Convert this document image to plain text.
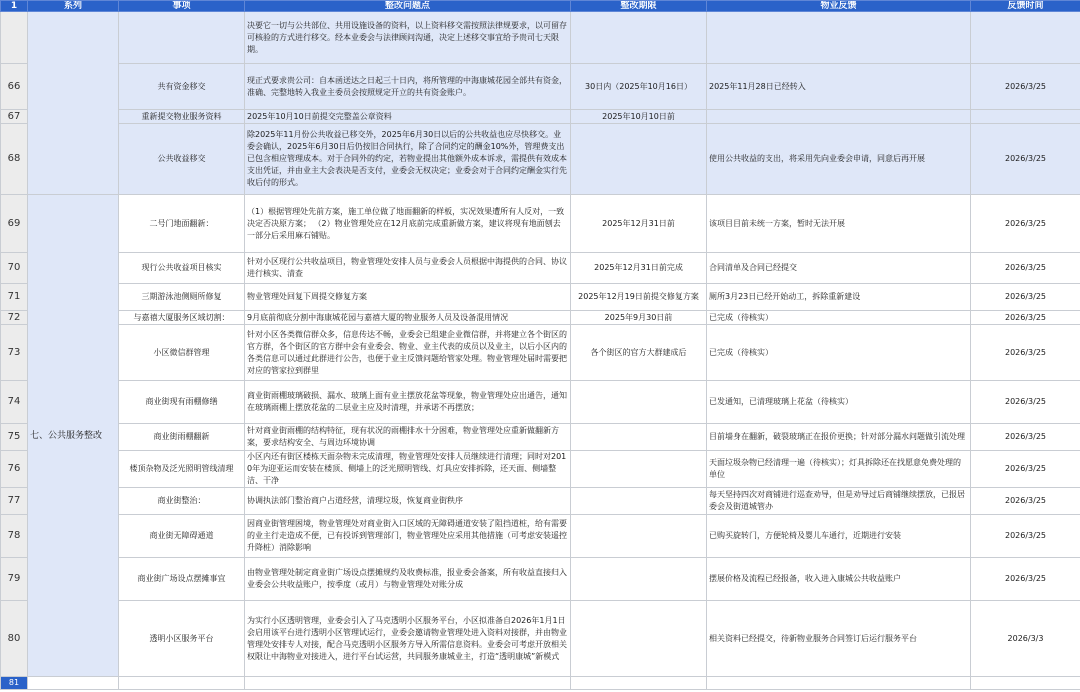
1	系列	事项	整改问题点	整改期限	物业反馈	反馈时间
			决要它一切与公共部位、共用设施设备的资料，以上资料移交需按照法律规要求，以可留存可核验的方式进行移交。经本业委会与法律顾问沟通，决定上述移交事宜给予贵司七天限期。			
66		共有资金移交	现正式要求贵公司：自本函送达之日起三十日内，将所管理的中海康城花园全部共有资金，准确、完整地转入我业主委员会按照规定开立的共有资金账户。	30日内（2025年10月16日）	2025年11月28日已经转入	2026/3/25
67		重新提交物业服务资料	2025年10月10日前提交完整盖公章资料	2025年10月10日前		
68		公共收益移交	除2025年11月份公共收益已移交外，2025年6月30日以后的公共收益也应尽快移交。业委会确认，2025年6月30日后仍按旧合同执行，除了合同约定的酬金10%外，管理费支出已包含相应管理成本。对于合同外的约定，若物业提出其他额外成本诉求，需提供有效成本支出凭证，并由业主大会表决是否支付，业委会无权决定；业委会对于合同约定酬金实行先收后付的形式。		使用公共收益的支出，将采用先向业委会申请，同意后再开展	2026/3/25
69	七、公共服务整改	二号门地面翻新：	（1）根据管理处先前方案，施工单位做了地面翻新的样板，实况效果遭所有人反对，一致决定否决原方案； （2）物业管理处应在12月底前完成重新做方案，建议将现有地面刨去一部分后采用麻石铺贴。	2025年12月31日前	该项目目前未统一方案，暂时无法开展	2026/3/25
70		现行公共收益项目核实	针对小区现行公共收益项目，物业管理处安排人员与业委会人员根据中海提供的合同、协议进行核实、清查	2025年12月31日前完成	合同清单及合同已经提交	2026/3/25
71		三期游泳池侧厕所修复	物业管理处回复下周提交修复方案	2025年12月19日前提交修复方案	厕所3月23日已经开始动工，拆除重新建设	2026/3/25
72		与嘉禧大厦服务区域切割：	9月底前彻底分割中海康城花园与嘉禧大厦的物业服务人员及设备混用情况	2025年9月30日前	已完成（待核实）	2026/3/25
73		小区微信群管理	针对小区各类微信群众多，信息传达不畅，业委会已组建企业微信群，并将建立各个街区的官方群，各个街区的官方群中会有业委会、物业、业主代表的成员以及业主，以后小区内的各类信息可以通过此群进行公告，也便于业主反馈问题给管家处理。物业管理处届时需要把对应的管家拉到群里	各个街区的官方大群建成后	已完成（待核实）	2026/3/25
74		商业街现有雨棚修缮	商业街雨棚玻璃破损、漏水、玻璃上面有业主摆放花盆等现象，物业管理处应出通告，通知在玻璃雨棚上摆放花盆的二层业主应及时清理，并承诺不再摆放；		已发通知，已清理玻璃上花盆（待核实）	2026/3/25
75		商业街雨棚翻新	针对商业街雨棚的结构特征，现有状况的雨棚排水十分困难，物业管理处应重新做翻新方案，要求结构安全、与周边环境协调		目前墙身在翻新，破裂玻璃正在报价更换；针对部分漏水问题做引流处理	2026/3/25
76		楼顶杂物及泛光照明管线清理	小区内还有街区楼栋天面杂物未完成清理，物业管理处安排人员继续进行清理；同时对2010年为迎亚运而安装在楼顶、侧墙上的泛光照明管线、灯具应安排拆除，还天面、侧墙整洁、干净		天面垃圾杂物已经清理一遍（待核实）；灯具拆除还在找愿意免费处理的单位	2026/3/25
77		商业街整治：	协调执法部门整治商户占道经营，清理垃圾，恢复商业街秩序		每天坚持四次对商铺进行巡查劝导，但是劝导过后商铺继续摆放，已报居委会及街道城管办	2026/3/25
78		商业街无障碍通道	因商业街管理困境，物业管理处对商业街入口区域的无障碍通道安装了阻挡道桩，给有需要的业主行走造成不便，已有投诉到管理部门，物业管理处应采用其他措施（可考虑安装遥控升降桩）消除影响		已购买旋转门，方便轮椅及婴儿车通行，近期进行安装	2026/3/25
79		商业街广场设点摆摊事宜	由物业管理处制定商业街广场设点摆摊规约及收费标准，报业委会备案，所有收益直接归入业委会公共收益账户，按季度（或月）与物业管理处对账分成		摆展价格及流程已经报备，收入进入康城公共收益账户	2026/3/25
80		透明小区服务平台	为实行小区透明管理，业委会引入了马克透明小区服务平台，小区拟准备自2026年1月1日会启用该平台进行透明小区管理试运行，业委会邀请物业管理处进入资料对接群，并由物业管理处安排专人对接，配合马克透明小区服务方导入所需信息资料。业委会可考虑开放相关权限让中海物业对接进入，进行平台试运营，共同服务康城业主，打造“透明康城”新模式		相关资料已经提交，待新物业服务合同签订后运行服务平台	2026/3/3
81						
